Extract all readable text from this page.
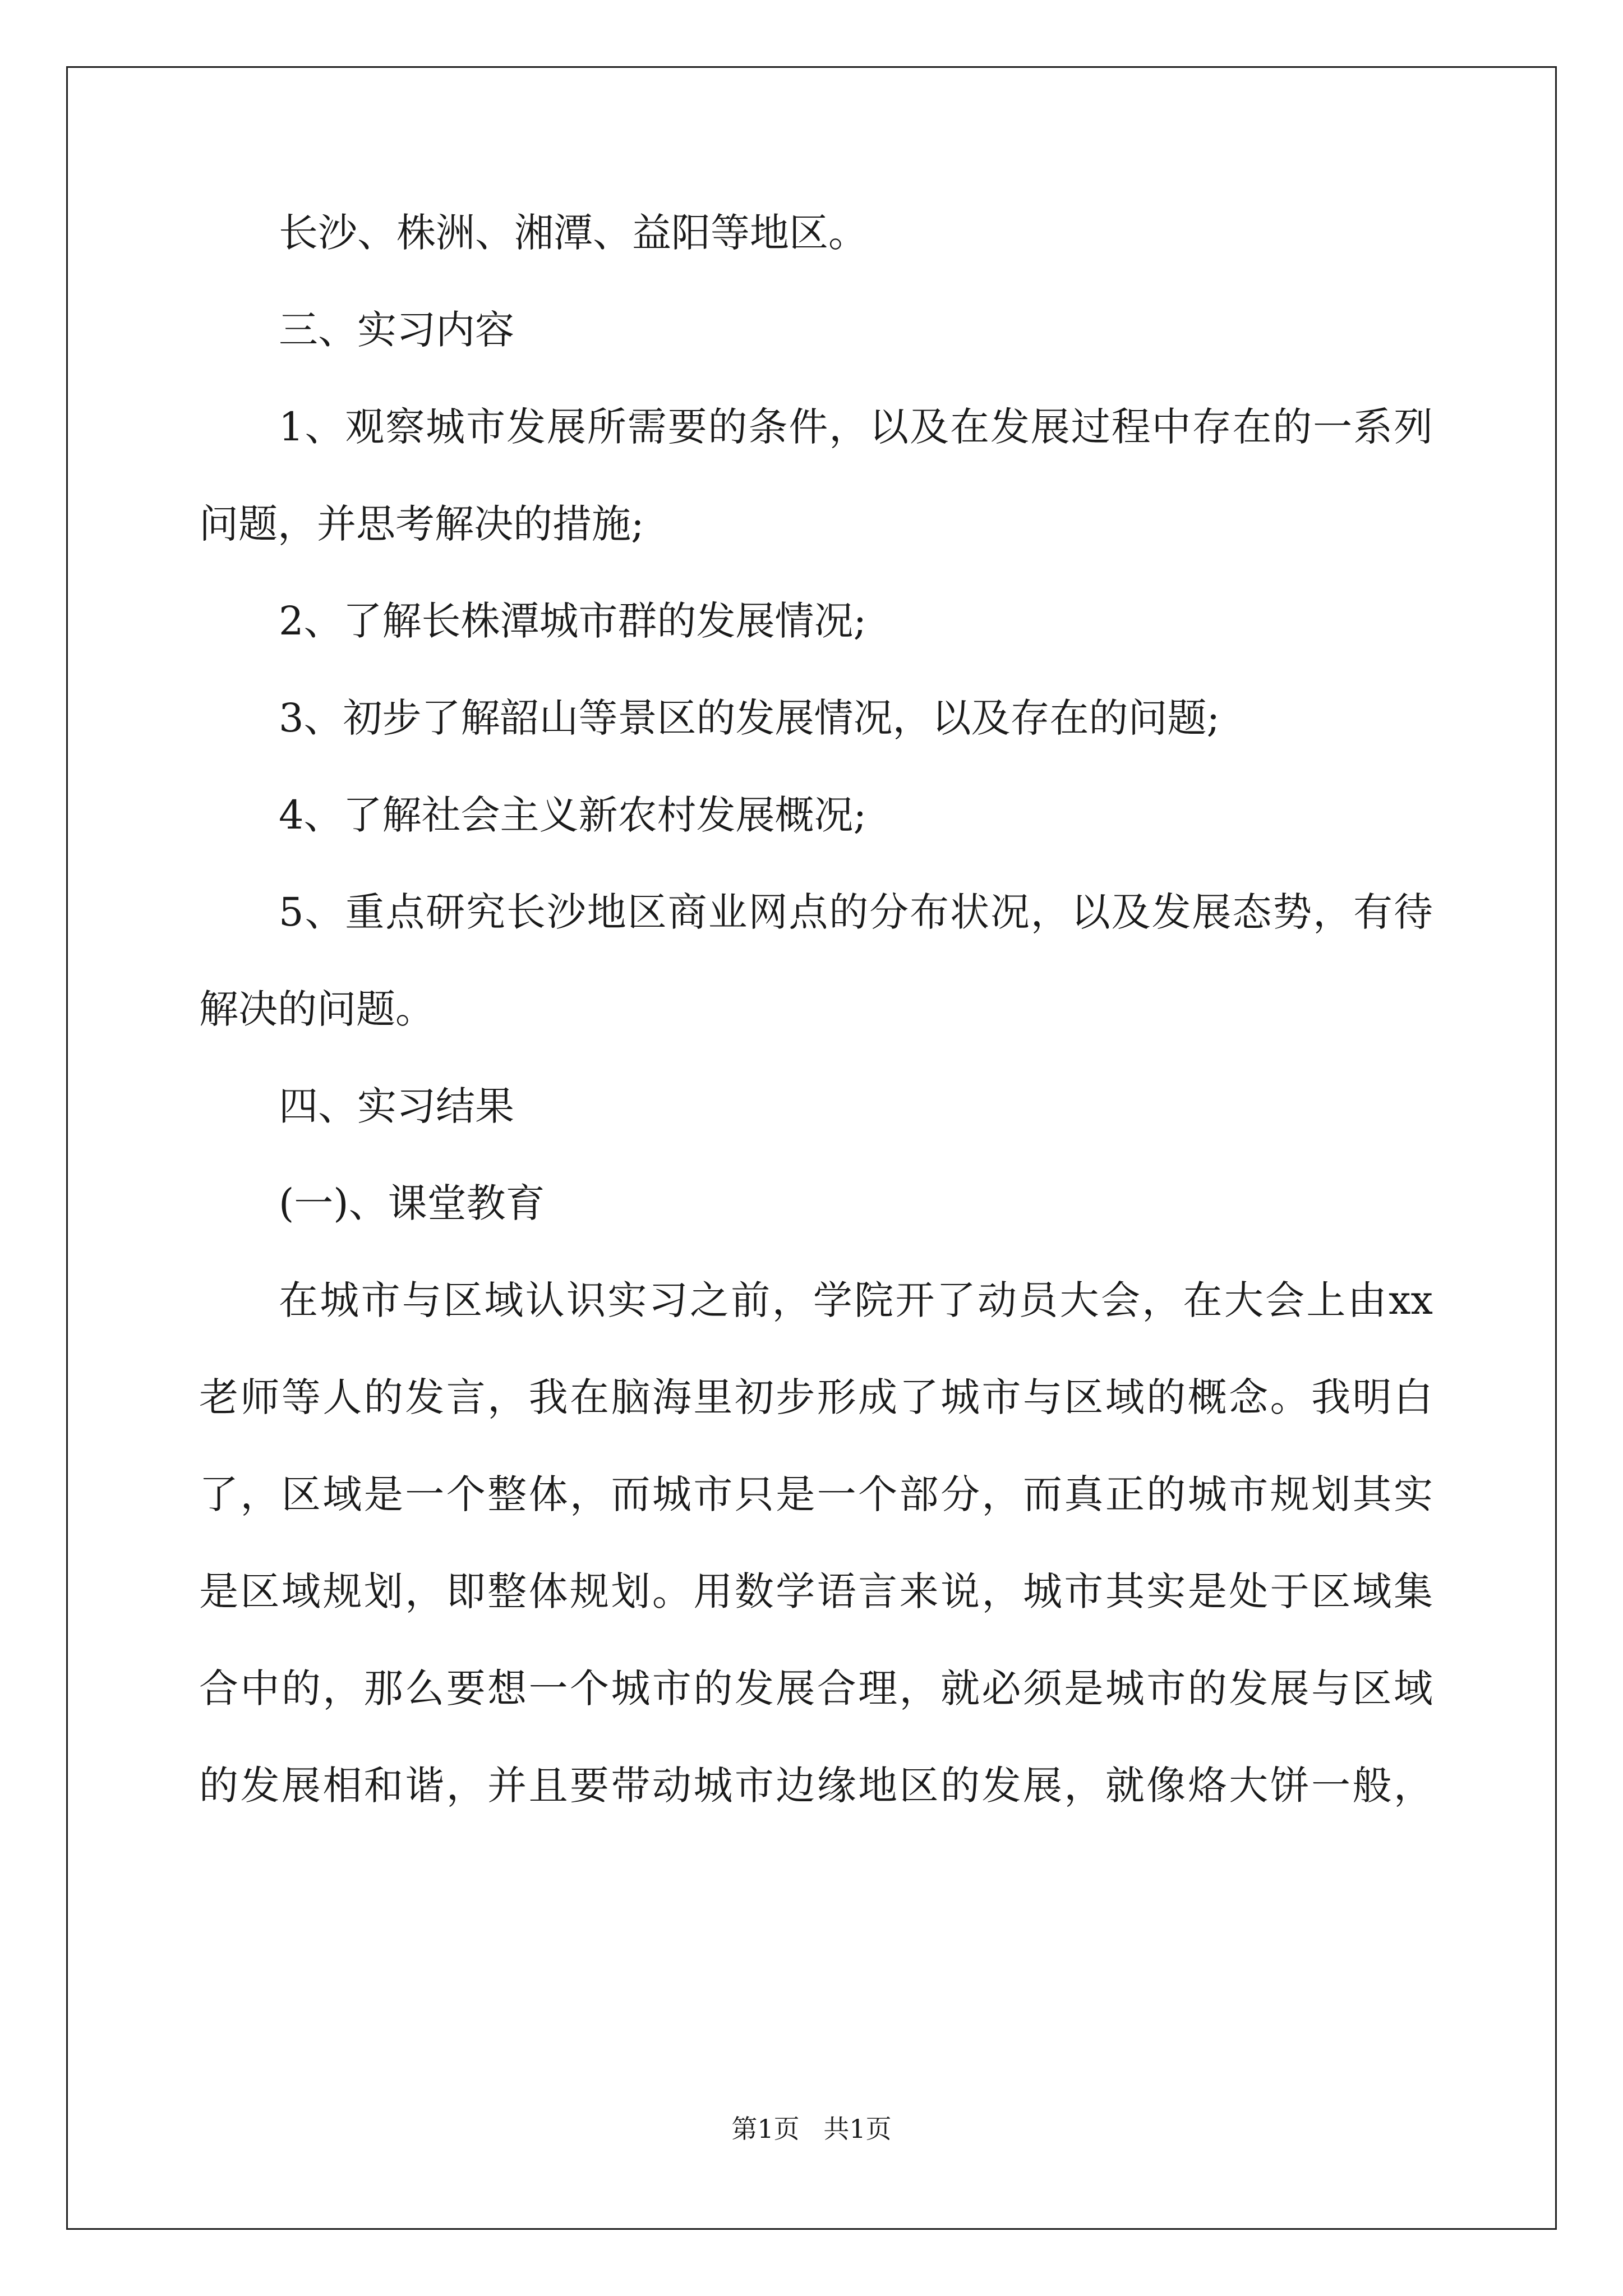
长沙、株洲、湘潭、益阳等地区。

三、实习内容

1、观察城市发展所需要的条件，以及在发展过程中存在的一系列

问题，并思考解决的措施;

2、了解长株潭城市群的发展情况;

3、初步了解韶山等景区的发展情况，以及存在的问题;

4、了解社会主义新农村发展概况;

5、重点研究长沙地区商业网点的分布状况，以及发展态势，有待

解决的问题。

四、实习结果

(一)、课堂教育

在城市与区域认识实习之前，学院开了动员大会，在大会上由xx

老师等人的发言，我在脑海里初步形成了城市与区域的概念。我明白

了，区域是一个整体，而城市只是一个部分，而真正的城市规划其实

是区域规划，即整体规划。用数学语言来说，城市其实是处于区域集

合中的，那么要想一个城市的发展合理，就必须是城市的发展与区域

的发展相和谐，并且要带动城市边缘地区的发展，就像烙大饼一般，

第1页 共1页
